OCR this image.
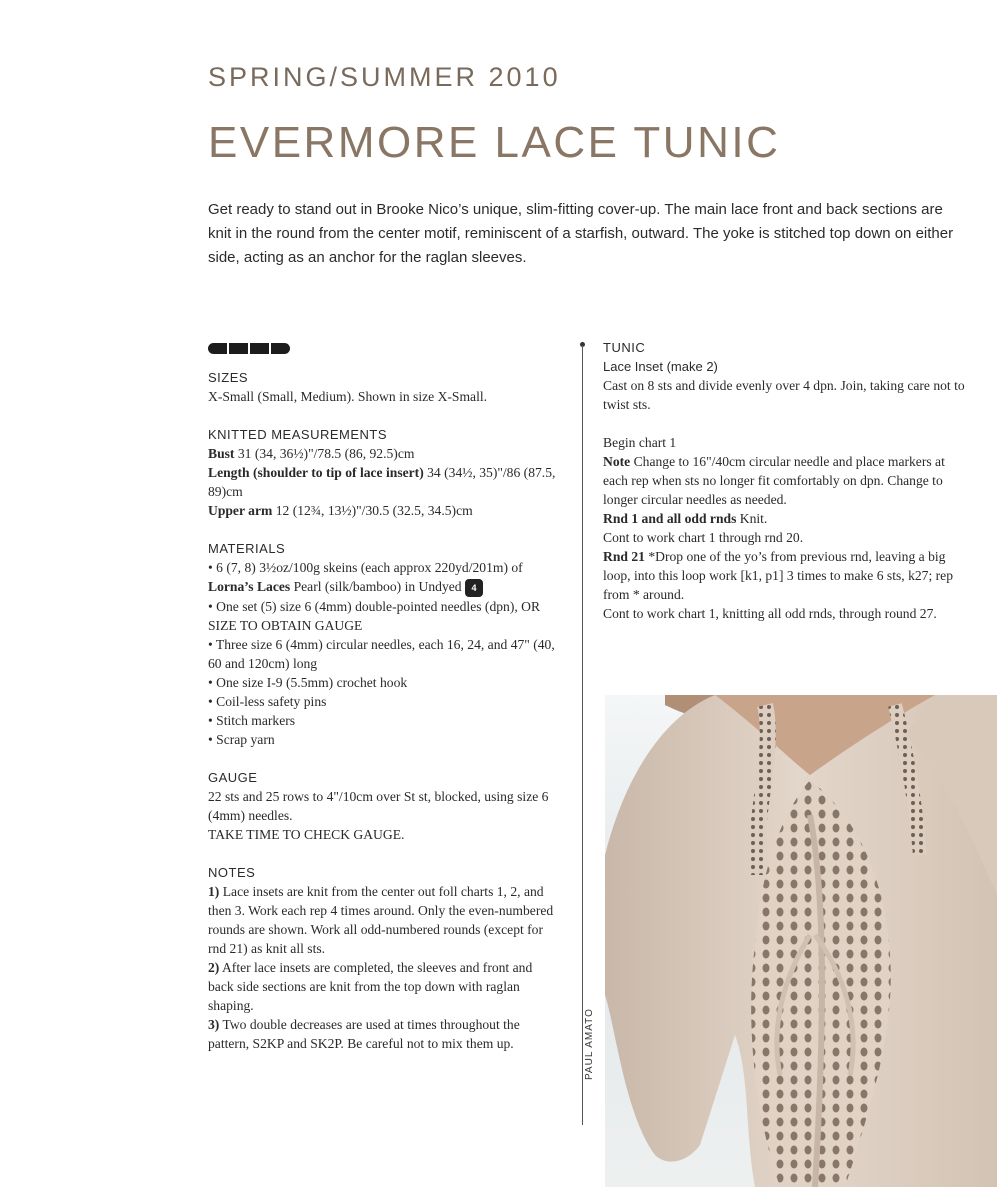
SPRING/SUMMER 2010
EVERMORE LACE TUNIC
Get ready to stand out in Brooke Nico’s unique, slim-fitting cover-up. The main lace front and back sections are knit in the round from the center motif, reminiscent of a starfish, outward. The yoke is stitched top down on either side, acting as an anchor for the raglan sleeves.

SIZES

X-Small (Small, Medium). Shown in size X-Small.

KNITTED MEASUREMENTS

Bust 31 (34, 36½)"/78.5 (86, 92.5)cm

Length (shoulder to tip of lace insert) 34 (34½, 35)"/86 (87.5, 89)cm

Upper arm 12 (12¾, 13½)"/30.5 (32.5, 34.5)cm

MATERIALS

• 6 (7, 8) 3½oz/100g skeins (each approx 220yd/201m) of Lorna’s Laces Pearl (silk/bamboo) in Undyed 4

• One set (5) size 6 (4mm) double-pointed needles (dpn), OR SIZE TO OBTAIN GAUGE

• Three size 6 (4mm) circular needles, each 16, 24, and 47" (40, 60 and 120cm) long

• One size I-9 (5.5mm) crochet hook

• Coil-less safety pins

• Stitch markers

• Scrap yarn

GAUGE

22 sts and 25 rows to 4"/10cm over St st, blocked, using size 6 (4mm) needles.

TAKE TIME TO CHECK GAUGE.

NOTES

1) Lace insets are knit from the center out foll charts 1, 2, and then 3. Work each rep 4 times around. Only the even-numbered rounds are shown. Work all odd-numbered rounds (except for rnd 21) as knit all sts.

2) After lace insets are completed, the sleeves and front and back side sections are knit from the top down with raglan shaping.

3) Two double decreases are used at times throughout the pattern, S2KP and SK2P. Be careful not to mix them up.

TUNIC

Lace Inset (make 2)

Cast on 8 sts and divide evenly over 4 dpn. Join, taking care not to twist sts.

Begin chart 1

Note Change to 16"/40cm circular needle and place markers at each rep when sts no longer fit comfortably on dpn. Change to longer circular needles as needed.

Rnd 1 and all odd rnds Knit.

Cont to work chart 1 through rnd 20.

Rnd 21 *Drop one of the yo’s from previous rnd, leaving a big loop, into this loop work [k1, p1] 3 times to make 6 sts, k27; rep from * around.

Cont to work chart 1, knitting all odd rnds, through round 27.

PAUL AMATO
